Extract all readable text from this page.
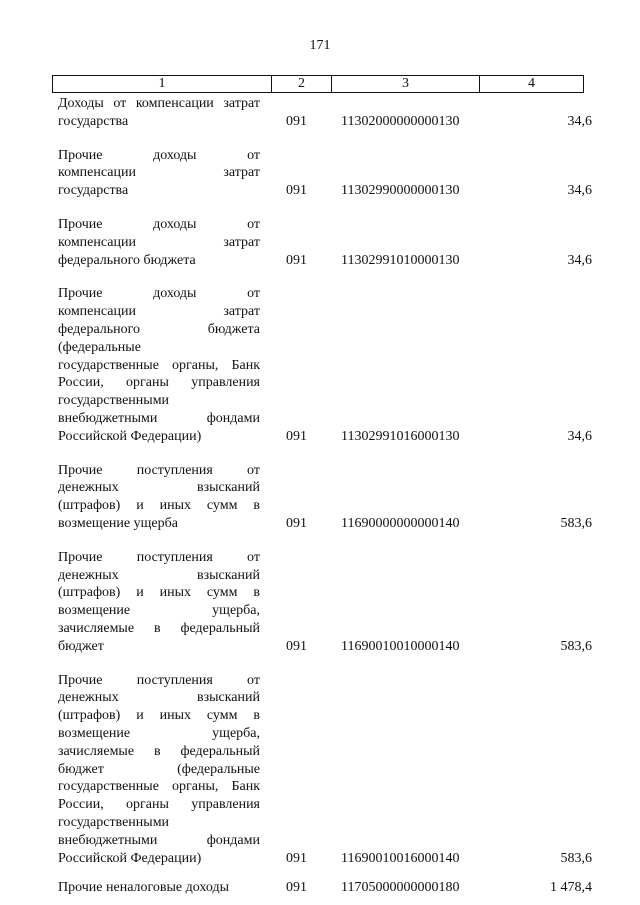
171
1	2	3	4
Доходы от компенсации затрат
государства	091 11302000000000130	34,6
Прочие доходы от
компенсации затрат
государства	091 11302990000000130	34,6
Прочие доходы от
компенсации затрат
федерального бюджета	091 11302991010000130	34,6
Прочие доходы от
компенсации затрат
федерального бюджета
(федеральные
государственные органы, Банк
России, органы управления
государственными
внебюджетными фондами
Российской Федерации)	091 11302991016000130	34,6
Прочие поступления от
денежных взысканий
(штрафов) и иных сумм в
возмещение ущерба	091 11690000000000140	583,6
Прочие поступления от
денежных взысканий
(штрафов) и иных сумм в
возмещение ущерба,
зачисляемые в федеральный
бюджет	091 11690010010000140	583,6
Прочие поступления от
денежных взысканий
(штрафов) и иных сумм в
возмещение ущерба,
зачисляемые в федеральный
бюджет (федеральные
государственные органы, Банк
России, органы управления
государственными
внебюджетными фондами
Российской Федерации)	091 11690010016000140	583,6
Прочие неналоговые доходы	091 11705000000000180	1 478,4
